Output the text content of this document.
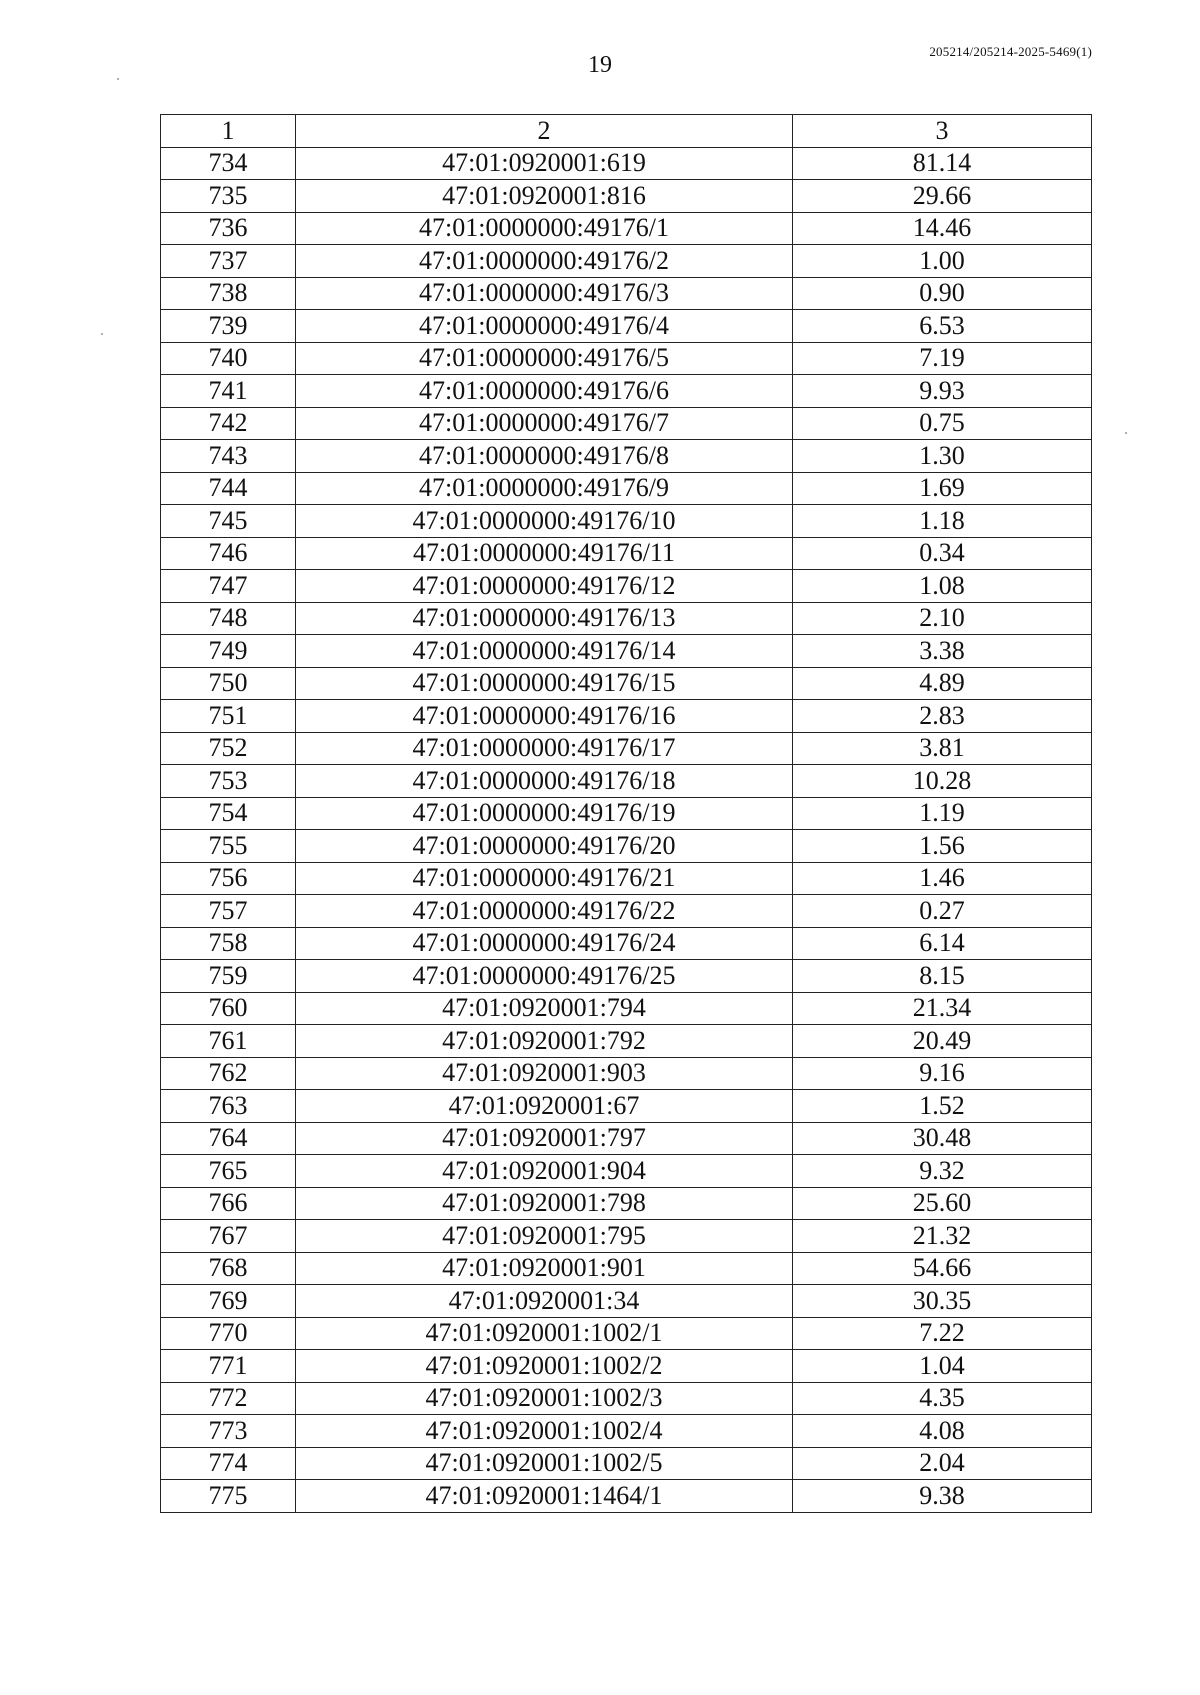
19
205214/205214-2025-5469(1)
1	2	3
734	47:01:0920001:619	81.14
735	47:01:0920001:816	29.66
736	47:01:0000000:49176/1	14.46
737	47:01:0000000:49176/2	1.00
738	47:01:0000000:49176/3	0.90
739	47:01:0000000:49176/4	6.53
740	47:01:0000000:49176/5	7.19
741	47:01:0000000:49176/6	9.93
742	47:01:0000000:49176/7	0.75
743	47:01:0000000:49176/8	1.30
744	47:01:0000000:49176/9	1.69
745	47:01:0000000:49176/10	1.18
746	47:01:0000000:49176/11	0.34
747	47:01:0000000:49176/12	1.08
748	47:01:0000000:49176/13	2.10
749	47:01:0000000:49176/14	3.38
750	47:01:0000000:49176/15	4.89
751	47:01:0000000:49176/16	2.83
752	47:01:0000000:49176/17	3.81
753	47:01:0000000:49176/18	10.28
754	47:01:0000000:49176/19	1.19
755	47:01:0000000:49176/20	1.56
756	47:01:0000000:49176/21	1.46
757	47:01:0000000:49176/22	0.27
758	47:01:0000000:49176/24	6.14
759	47:01:0000000:49176/25	8.15
760	47:01:0920001:794	21.34
761	47:01:0920001:792	20.49
762	47:01:0920001:903	9.16
763	47:01:0920001:67	1.52
764	47:01:0920001:797	30.48
765	47:01:0920001:904	9.32
766	47:01:0920001:798	25.60
767	47:01:0920001:795	21.32
768	47:01:0920001:901	54.66
769	47:01:0920001:34	30.35
770	47:01:0920001:1002/1	7.22
771	47:01:0920001:1002/2	1.04
772	47:01:0920001:1002/3	4.35
773	47:01:0920001:1002/4	4.08
774	47:01:0920001:1002/5	2.04
775	47:01:0920001:1464/1	9.38
